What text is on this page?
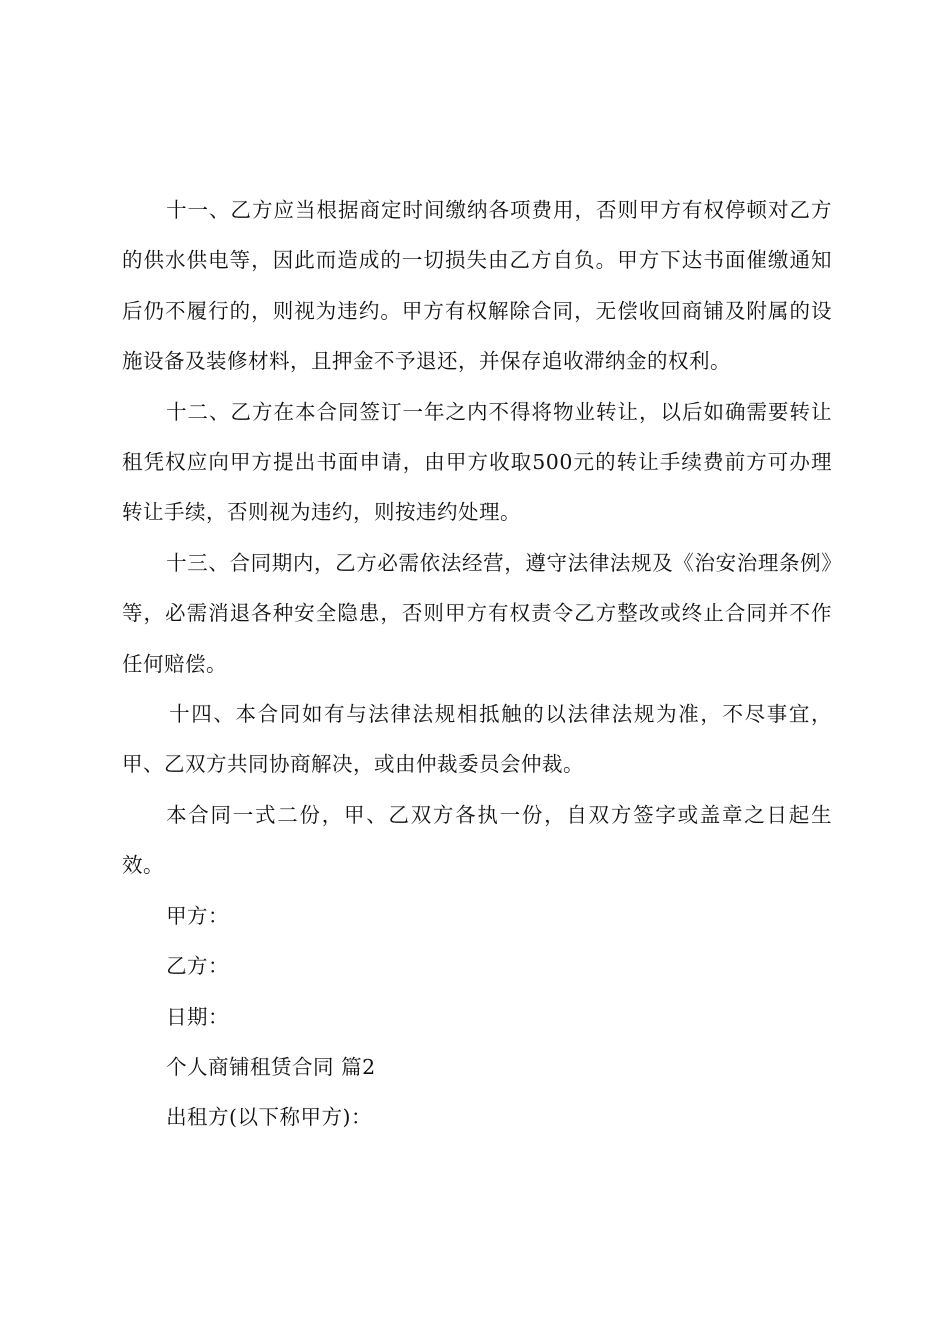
十一、乙方应当根据商定时间缴纳各项费用，否则甲方有权停顿对乙方的供水供电等，因此而造成的一切损失由乙方自负。甲方下达书面催缴通知后仍不履行的，则视为违约。甲方有权解除合同，无偿收回商铺及附属的设施设备及装修材料，且押金不予退还，并保存追收滞纳金的权利。

十二、乙方在本合同签订一年之内不得将物业转让，以后如确需要转让租凭权应向甲方提出书面申请，由甲方收取500元的转让手续费前方可办理转让手续，否则视为违约，则按违约处理。

十三、合同期内，乙方必需依法经营，遵守法律法规及《治安治理条例》等，必需消退各种安全隐患，否则甲方有权责令乙方整改或终止合同并不作任何赔偿。

十四、本合同如有与法律法规相抵触的以法律法规为准，不尽事宜，甲、乙双方共同协商解决，或由仲裁委员会仲裁。

本合同一式二份，甲、乙双方各执一份，自双方签字或盖章之日起生效。

甲方：

乙方：

日期：

个人商铺租赁合同 篇2

出租方(以下称甲方)：
